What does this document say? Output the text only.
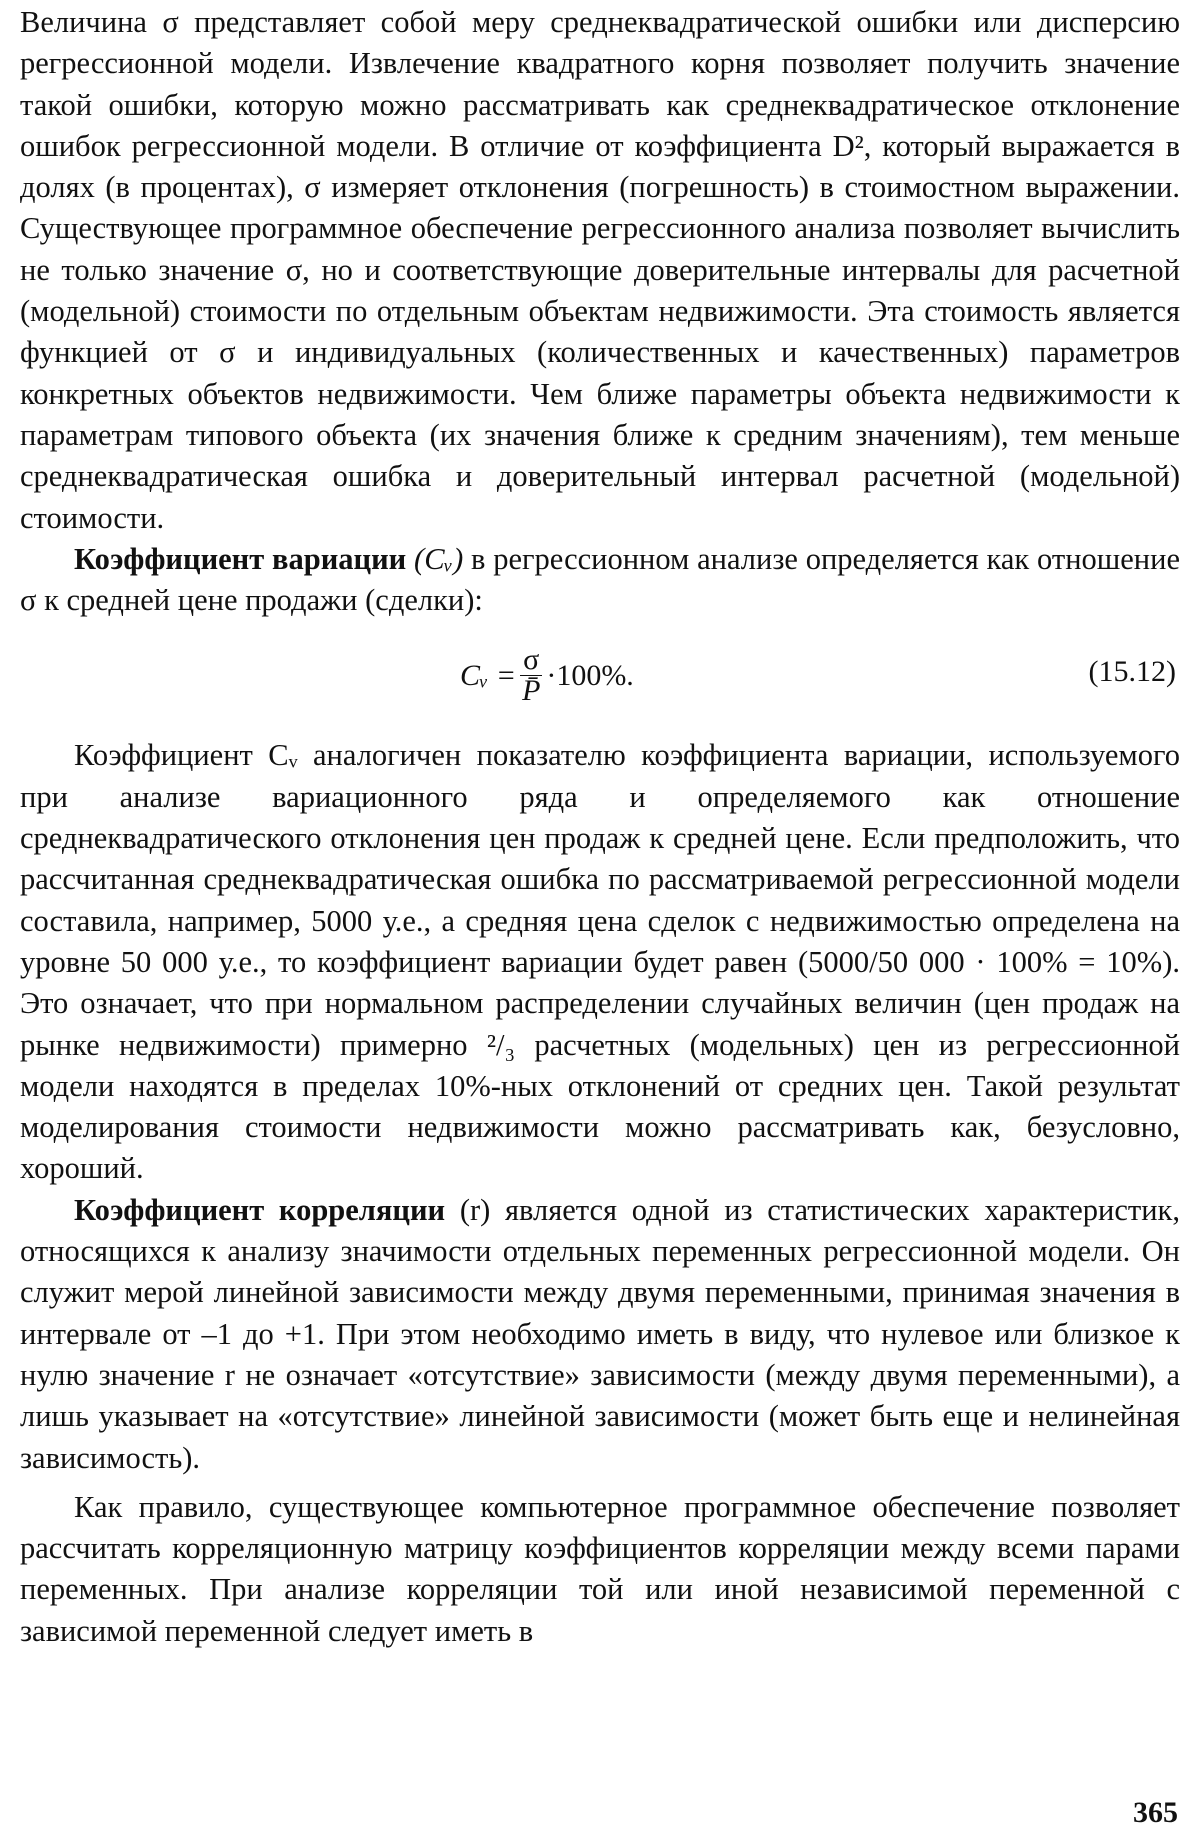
Величина σ представляет собой меру среднеквадратической ошибки или дисперсию регрессионной модели. Извлечение квадратного корня позволяет получить значение такой ошибки, которую можно рассматривать как среднеквадратическое отклонение ошибок регрессионной модели. В отличие от коэффициента D², который выражается в долях (в процентах), σ измеряет отклонения (погрешность) в стоимостном выражении. Существующее программное обеспечение регрессионного анализа позволяет вычислить не только значение σ, но и соответствующие доверительные интервалы для расчетной (модельной) стоимости по отдельным объектам недвижимости. Эта стоимость является функцией от σ и индивидуальных (количественных и качественных) параметров конкретных объектов недвижимости. Чем ближе параметры объекта недвижимости к параметрам типового объекта (их значения ближе к средним значениям), тем меньше среднеквадратическая ошибка и доверительный интервал расчетной (модельной) стоимости.

Коэффициент вариации (Cᵥ) в регрессионном анализе определяется как отношение σ к средней цене продажи (сделки):

Cᵥ = $\frac{\sigma}{P̄} \cdot 100\%$.	(15.12)

Коэффициент Cᵥ аналогичен показателю коэффициента вариации, используемого при анализе вариационного ряда и определяемого как отношение среднеквадратического отклонения цен продаж к средней цене. Если предположить, что рассчитанная среднеквадратическая ошибка по рассматриваемой регрессионной модели составила, например, 5000 у.е., а средняя цена сделок с недвижимостью определена на уровне 50 000 у.е., то коэффициент вариации будет равен (5000/50 000 · 100% = 10%). Это означает, что при нормальном распределении случайных величин (цен продаж на рынке недвижимости) примерно ²/₃ расчетных (модельных) цен из регрессионной модели находятся в пределах 10%-ных отклонений от средних цен. Такой результат моделирования стоимости недвижимости можно рассматривать как, безусловно, хороший.

Коэффициент корреляции (r) является одной из статистических характеристик, относящихся к анализу значимости отдельных переменных регрессионной модели. Он служит мерой линейной зависимости между двумя переменными, принимая значения в интервале от –1 до +1. При этом необходимо иметь в виду, что нулевое или близкое к нулю значение r не означает «отсутствие» зависимости (между двумя переменными), а лишь указывает на «отсутствие» линейной зависимости (может быть еще и нелинейная зависимость).

Как правило, существующее компьютерное программное обеспечение позволяет рассчитать корреляционную матрицу коэффициентов корреляции между всеми парами переменных. При анализе корреляции той или иной независимой переменной с зависимой переменной следует иметь в

365
